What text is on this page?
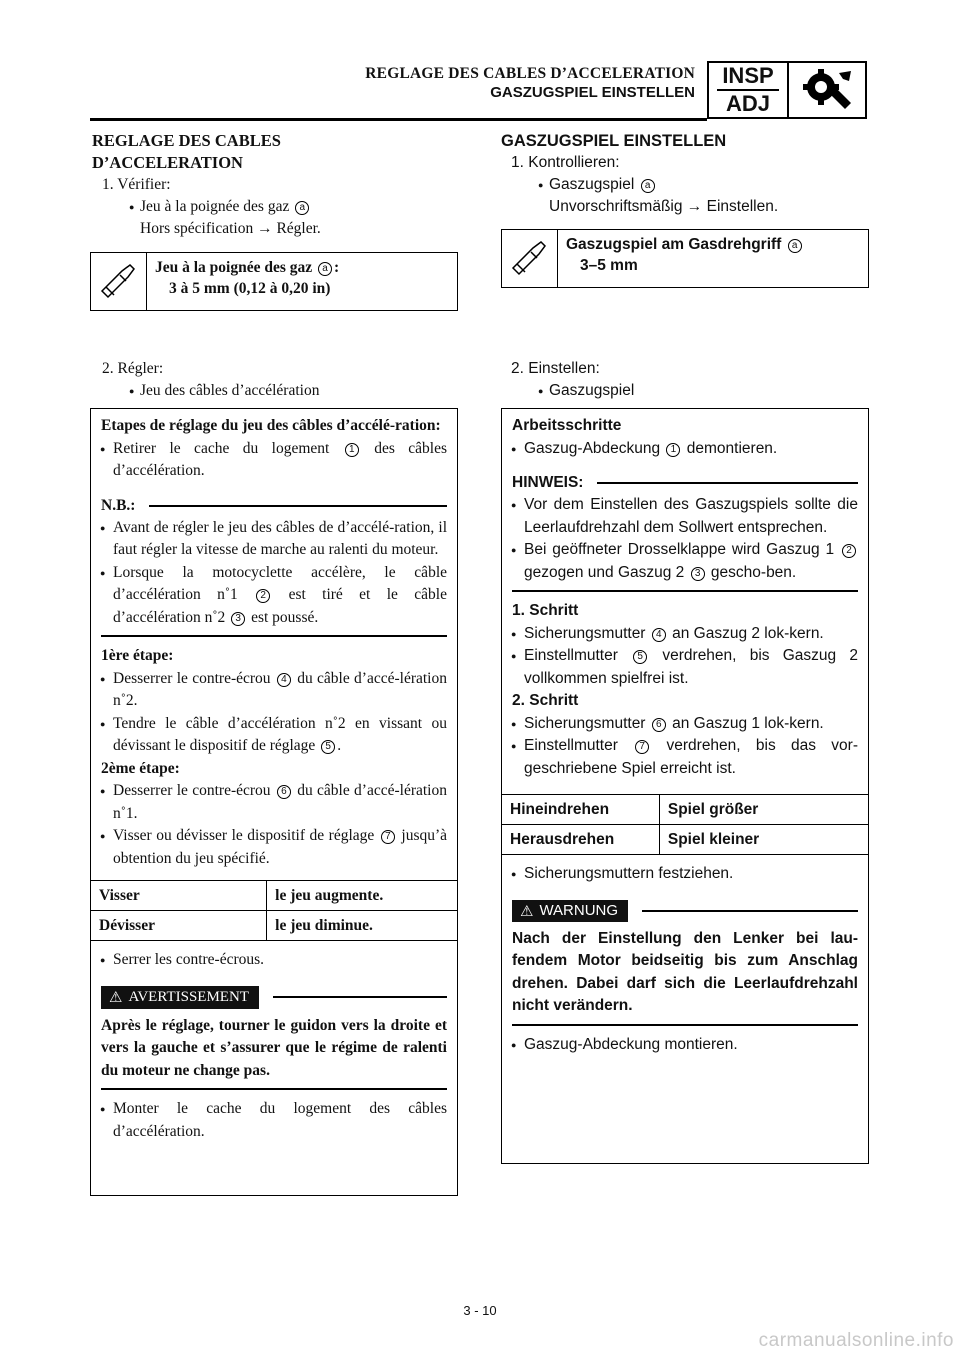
REGLAGE DES CABLES D’ACCELERATION
GASZUGSPIEL EINSTELLEN
INSP
ADJ
REGLAGE DES CABLES
D’ACCELERATION
1. Vérifier:
● Jeu à la poignée des gaz a
Hors spécification → Régler.
Jeu à la poignée des gaz a :
3 à 5 mm (0,12 à 0,20 in)
2. Régler:
● Jeu des câbles d’accélération

Etapes de réglage du jeu des câbles d’accélé-ration:

● Retirer le cache du logement 1 des câbles d’accélération.

N.B.:

● Avant de régler le jeu des câbles de d’accélé-ration, il faut régler la vitesse de marche au ralenti du moteur.

● Lorsque la motocyclette accélère, le câble d’accélération n˚1 2 est tiré et le câble d’accélération n˚2 3 est poussé.

1ère étape:

● Desserrer le contre-écrou 4 du câble d’accé-lération n˚2.

● Tendre le câble d’accélération n˚2 en vissant ou dévissant le dispositif de réglage 5 .

2ème étape:

● Desserrer le contre-écrou 6 du câble d’accé-lération n˚1.

● Visser ou dévisser le dispositif de réglage 7 jusqu’à obtention du jeu spécifié.

Visser	le jeu augmente.
Dévisser	le jeu diminue.

● Serrer les contre-écrous.

⚠ AVERTISSEMENT

Après le réglage, tourner le guidon vers la droite et vers la gauche et s’assurer que le régime de ralenti du moteur ne change pas.

● Monter le cache du logement des câbles d’accélération.

GASZUGSPIEL EINSTELLEN
1. Kontrollieren:
● Gaszugspiel a
Unvorschriftsmäßig → Einstellen.
Gaszugspiel am Gasdrehgriff a
3–5 mm
2. Einstellen:
● Gaszugspiel

Arbeitsschritte

● Gaszug-Abdeckung 1 demontieren.

HINWEIS:

● Vor dem Einstellen des Gaszugspiels sollte die Leerlaufdrehzahl dem Sollwert entsprechen.

● Bei geöffneter Drosselklappe wird Gaszug 1 2 gezogen und Gaszug 2 3 gescho-ben.

1. Schritt

● Sicherungsmutter 4 an Gaszug 2 lok-kern.

● Einstellmutter 5 verdrehen, bis Gaszug 2 vollkommen spielfrei ist.

2. Schritt

● Sicherungsmutter 6 an Gaszug 1 lok-kern.

● Einstellmutter 7 verdrehen, bis das vor-geschriebene Spiel erreicht ist.

Hineindrehen	Spiel größer
Herausdrehen	Spiel kleiner

● Sicherungsmuttern festziehen.

⚠ WARNUNG

Nach der Einstellung den Lenker bei lau-fendem Motor beidseitig bis zum Anschlag drehen. Dabei darf sich die Leerlaufdrehzahl nicht verändern.

● Gaszug-Abdeckung montieren.

3 - 10
carmanualsonline.info
